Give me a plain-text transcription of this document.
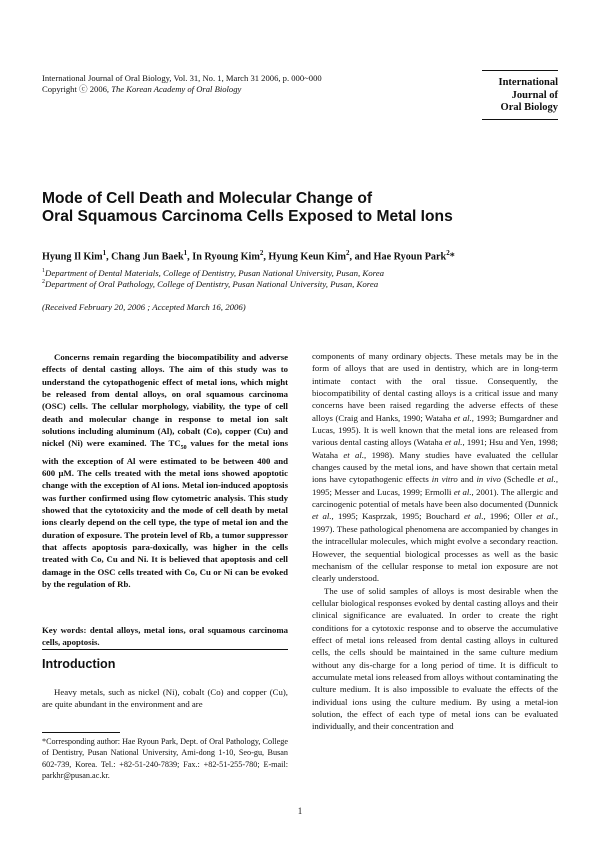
International Journal of Oral Biology, Vol. 31, No. 1, March 31 2006, p. 000~000
Copyright ⓒ 2006, The Korean Academy of Oral Biology
International
Journal of
Oral Biology
Mode of Cell Death and Molecular Change of
Oral Squamous Carcinoma Cells Exposed to Metal Ions
Hyung Il Kim$^1$, Chang Jun Baek$^1$, In Ryoung Kim$^2$, Hyung Keun Kim$^2$, and Hae Ryoun Park$^2$*
$^1$Department of Dental Materials, College of Dentistry, Pusan National University, Pusan, Korea
$^2$Department of Oral Pathology, College of Dentistry, Pusan National University, Pusan, Korea
(Received February 20, 2006 ; Accepted March 16, 2006)

Concerns remain regarding the biocompatibility and adverse effects of dental casting alloys. The aim of this study was to understand the cytopathogenic effect of metal ions, which might be released from dental alloys, on oral squamous carcinoma (OSC) cells. The cellular morphology, viability, the type of cell death and molecular change in response to metal ion salt solutions including aluminum (Al), cobalt (Co), copper (Cu) and nickel (Ni) were examined. The $TC_{50}$ values for the metal ions with the exception of Al were estimated to be between 400 and 600 μM. The cells treated with the metal ions showed apoptotic change with the exception of Al ions. Metal ion-induced apoptosis was further confirmed using flow cytometric analysis. This study showed that the cytotoxicity and the mode of cell death by metal ions clearly depend on the cell type, the type of metal ion and the duration of exposure. The protein level of Rb, a tumor suppressor that affects apoptosis para-doxically, was higher in the cells treated with Co, Cu and Ni. It is believed that apoptosis and cell damage in the OSC cells treated with Co, Cu or Ni can be evoked by the regulation of Rb.

Key words: dental alloys, metal ions, oral squamous carcinoma cells, apoptosis.
Introduction

Heavy metals, such as nickel (Ni), cobalt (Co) and copper (Cu), are quite abundant in the environment and are

*Corresponding author: Hae Ryoun Park, Dept. of Oral Pathology, College of Dentistry, Pusan National University, Ami-dong 1-10, Seo-gu, Busan 602-739, Korea. Tel.: +82-51-240-7839; Fax.: +82-51-255-780; E-mail: parkhr@pusan.ac.kr.

components of many ordinary objects. These metals may be in the form of alloys that are used in dentistry, which are in long-term intimate contact with the oral tissue. Consequently, the biocompatibility of dental casting alloys is a critical issue and many concerns have been raised regarding the adverse effects of these alloys (Craig and Hanks, 1990; Wataha et al., 1993; Bumgardner and Lucas, 1995). It is well known that the metal ions are released from various dental casting alloys (Wataha et al., 1991; Hsu and Yen, 1998; Wataha et al., 1998). Many studies have evaluated the cellular changes caused by the metal ions, and have shown that certain metal ions have cytopathogenic effects in vitro and in vivo (Schedle et al., 1995; Messer and Lucas, 1999; Ermolli et al., 2001). The allergic and carcinogenic potential of metals have been also documented (Dunnick et al., 1995; Kasprzak, 1995; Bouchard et al., 1996; Oller et al., 1997). These pathological phenomena are accompanied by changes in the intracellular molecules, which might evolve a secondary reaction. However, the sequential biological processes as well as the basic mechanism of the cellular response to metal ion exposure are not clearly understood.

The use of solid samples of alloys is most desirable when the cellular biological responses evoked by dental casting alloys and their clinical significance are evaluated. In order to create the right conditions for a cytotoxic response and to observe the accumulative effect of metal ions released from dental casting alloys in cultured cells, the cells should be maintained in the same culture medium without any dis-charge for a long period of time. It is difficult to accumulate metal ions released from alloys without contaminating the culture medium. It is also impossible to evaluate the effects of the individual ions using the culture medium. By using a metal-ion solution, the effect of each type of metal ions can be evaluated individually, and their concentration and

1
